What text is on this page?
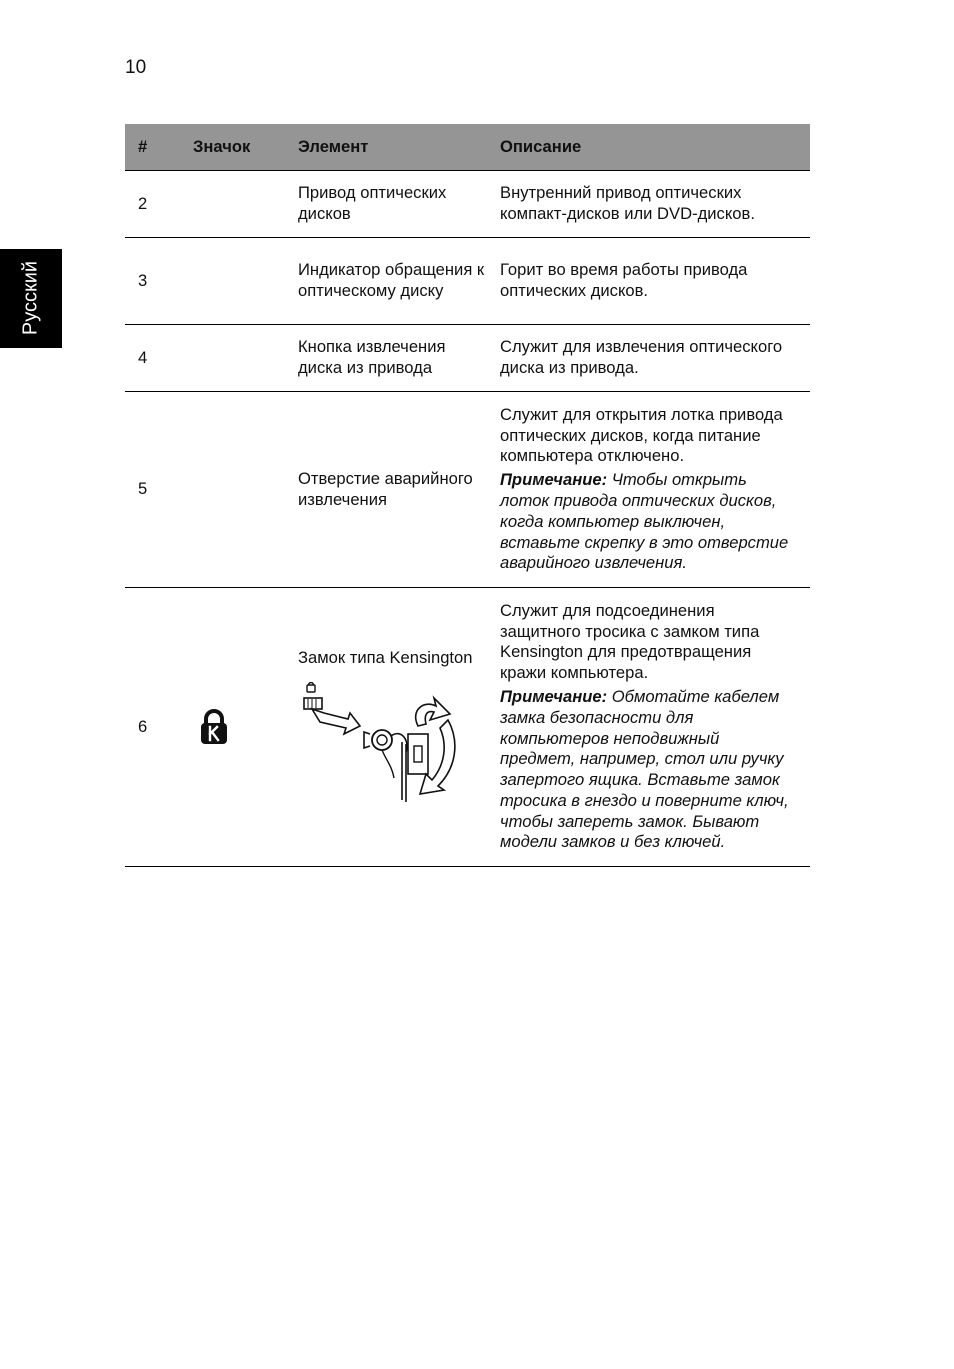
10
Русский
#	Значок	Элемент	Описание
2		Привод оптических дисков	Внутренний привод оптических компакт-дисков или DVD-дисков.

3		Индикатор обращения к оптическому диску	Горит во время работы привода оптических дисков.

4		Кнопка извлечения диска из привода	Служит для извлечения оптического диска из привода.

5		Отверстие аварийного извлечения	Служит для открытия лотка привода оптических дисков, когда питание компьютера отключено.

Примечание: Чтобы открыть лоток привода оптических дисков, когда компьютер выключен, вставьте скрепку в это отверстие аварийного извлечения.

6		Замок типа Kensington	Служит для подсоединения защитного тросика с замком типа Kensington для предотвращения кражи компьютера.

Примечание: Обмотайте кабелем замка безопасности для компьютеров неподвижный предмет, например, стол или ручку запертого ящика. Вставьте замок тросика в гнездо и поверните ключ, чтобы запереть замок. Бывают модели замков и без ключей.
